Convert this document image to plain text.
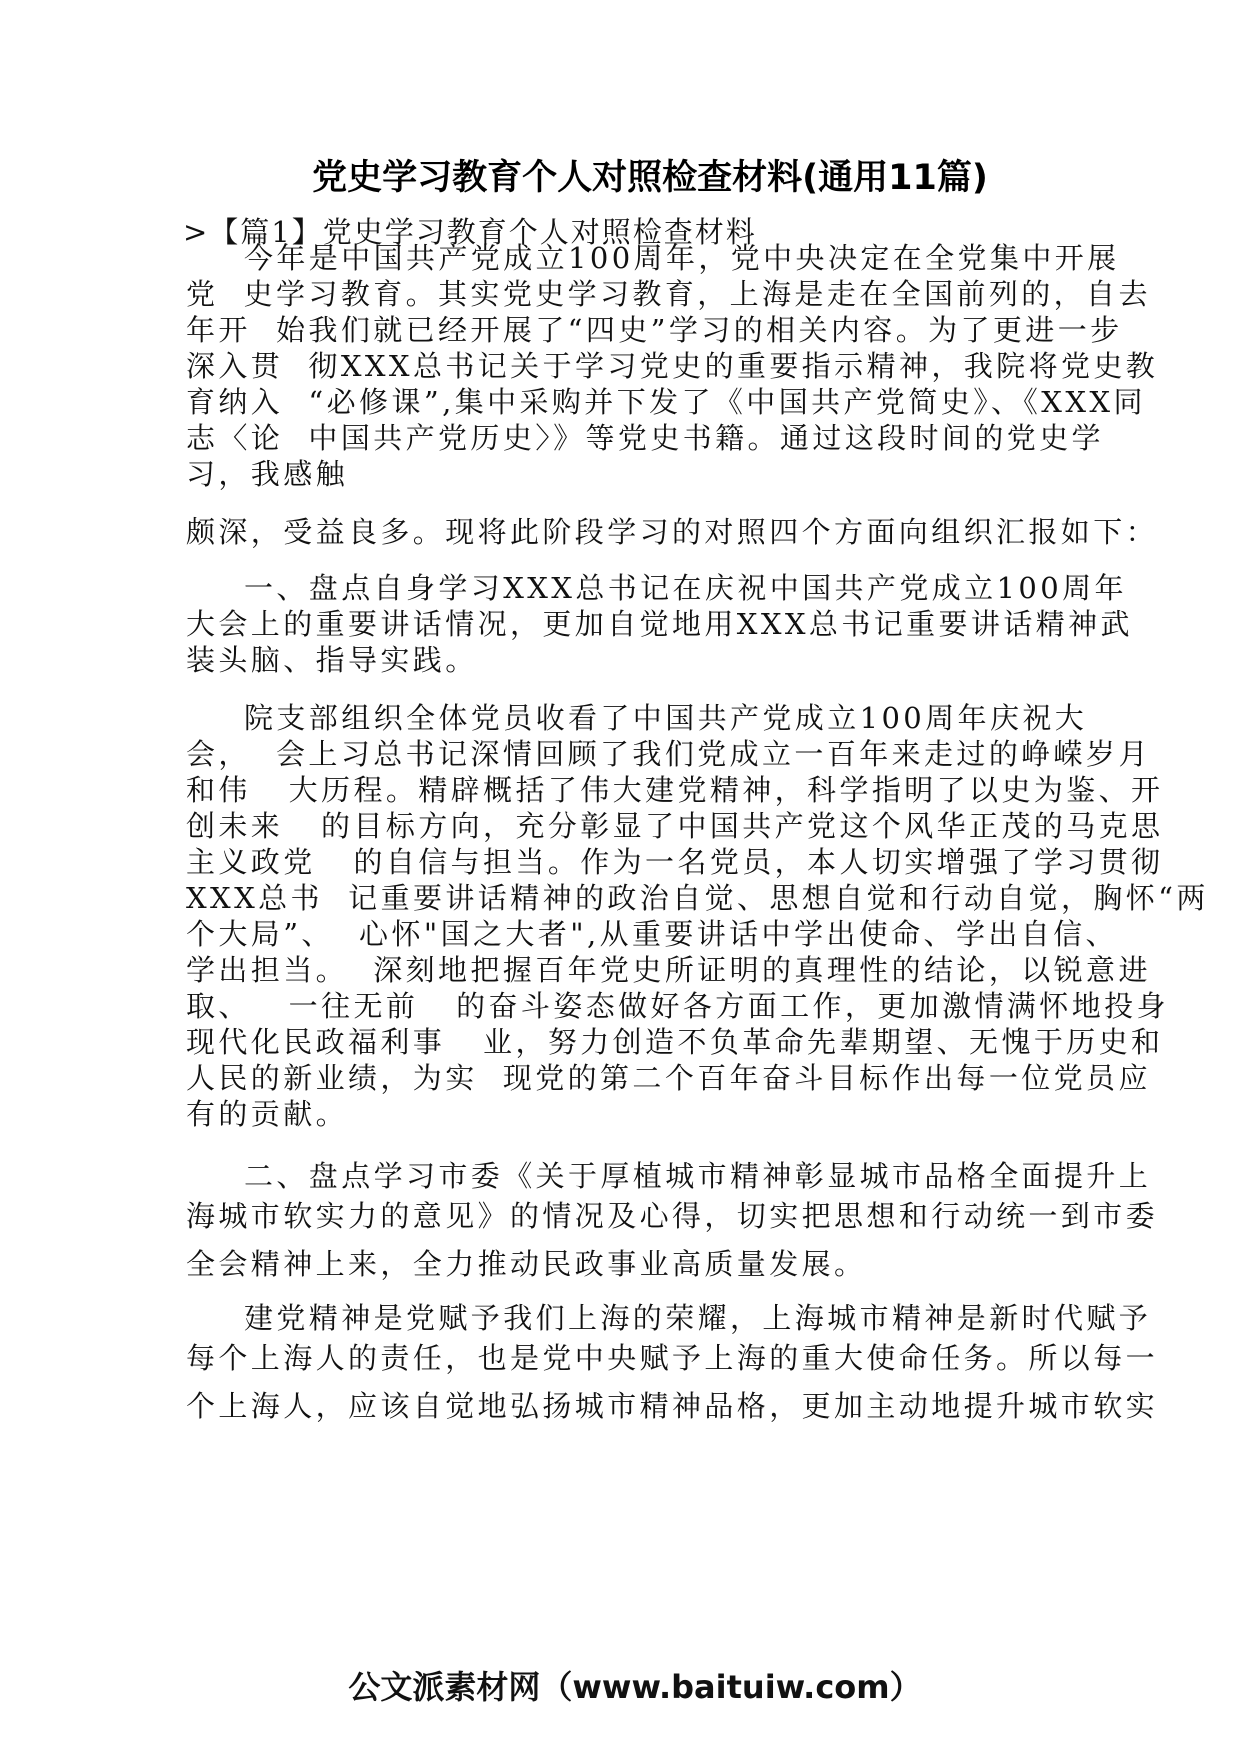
党史学习教育个人对照检查材料(通用11篇)
>【篇1】党史学习教育个人对照检查材料
今年是中国共产党成立100周年，党中央决定在全党集中开展
党  史学习教育。其实党史学习教育，上海是走在全国前列的，自去
年开  始我们就已经开展了“四史”学习的相关内容。为了更进一步
深入贯  彻XXX总书记关于学习党史的重要指示精神，我院将党史教
育纳入  “必修课”,集中采购并下发了《中国共产党简史》、《XXX同
志〈论  中国共产党历史〉》等党史书籍。通过这段时间的党史学
习，我感触
颇深，受益良多。现将此阶段学习的对照四个方面向组织汇报如下：
一、盘点自身学习XXX总书记在庆祝中国共产党成立100周年
大会上的重要讲话情况，更加自觉地用XXX总书记重要讲话精神武
装头脑、指导实践。
院支部组织全体党员收看了中国共产党成立100周年庆祝大
会，  会上习总书记深情回顾了我们党成立一百年来走过的峥嵘岁月
和伟   大历程。精辟概括了伟大建党精神，科学指明了以史为鉴、开
创未来   的目标方向，充分彰显了中国共产党这个风华正茂的马克思
主义政党   的自信与担当。作为一名党员，本人切实增强了学习贯彻
XXX总书  记重要讲话精神的政治自觉、思想自觉和行动自觉，胸怀“两
个大局”、  心怀"国之大者",从重要讲话中学出使命、学出自信、
学出担当。  深刻地把握百年党史所证明的真理性的结论，以锐意进
取、   一往无前   的奋斗姿态做好各方面工作，更加激情满怀地投身
现代化民政福利事   业，努力创造不负革命先辈期望、无愧于历史和
人民的新业绩，为实  现党的第二个百年奋斗目标作出每一位党员应
有的贡献。
二、盘点学习市委《关于厚植城市精神彰显城市品格全面提升上
海城市软实力的意见》的情况及心得，切实把思想和行动统一到市委
全会精神上来，全力推动民政事业高质量发展。
建党精神是党赋予我们上海的荣耀，上海城市精神是新时代赋予
每个上海人的责任，也是党中央赋予上海的重大使命任务。所以每一
个上海人，应该自觉地弘扬城市精神品格，更加主动地提升城市软实
公文派素材网（www.baituiw.com）
